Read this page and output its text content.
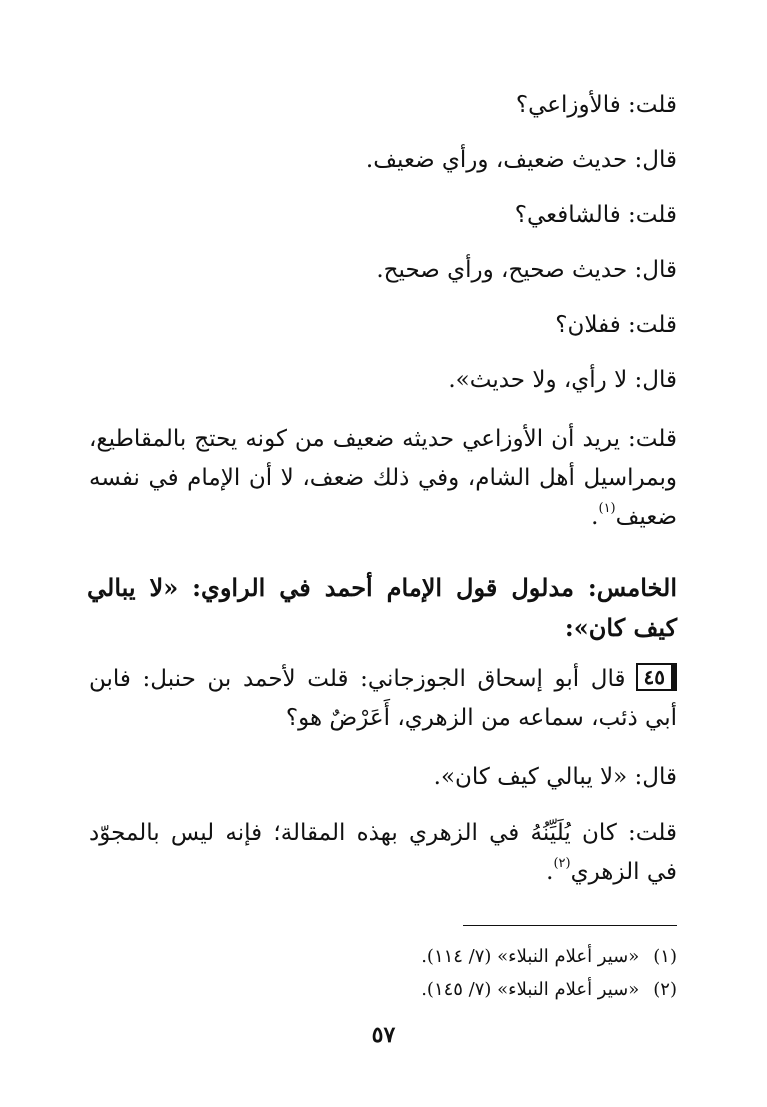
قلت: فالأوزاعي؟
قال: حديث ضعيف، ورأي ضعيف.
قلت: فالشافعي؟
قال: حديث صحيح، ورأي صحيح.
قلت: ففلان؟
قال: لا رأي، ولا حديث».
قلت: يريد أن الأوزاعي حديثه ضعيف من كونه يحتج بالمقاطيع، وبمراسيل أهل الشام، وفي ذلك ضعف، لا أن الإمام في نفسه ضعيف$^{(١)}$.
الخامس: مدلول قول الإمام أحمد في الراوي: «لا يبالي كيف كان»:
٤٥قال أبو إسحاق الجوزجاني: قلت لأحمد بن حنبل: فابن أبي ذئب، سماعه من الزهري، أَعَرْضٌ هو؟
قال: «لا يبالي كيف كان».
قلت: كان يُلَيِّنُهُ في الزهري بهذه المقالة؛ فإنه ليس بالمجوّد في الزهري$^{(٢)}$.
(١)«سير أعلام النبلاء» (٧/ ١١٤).
(٢)«سير أعلام النبلاء» (٧/ ١٤٥).
٥٧
